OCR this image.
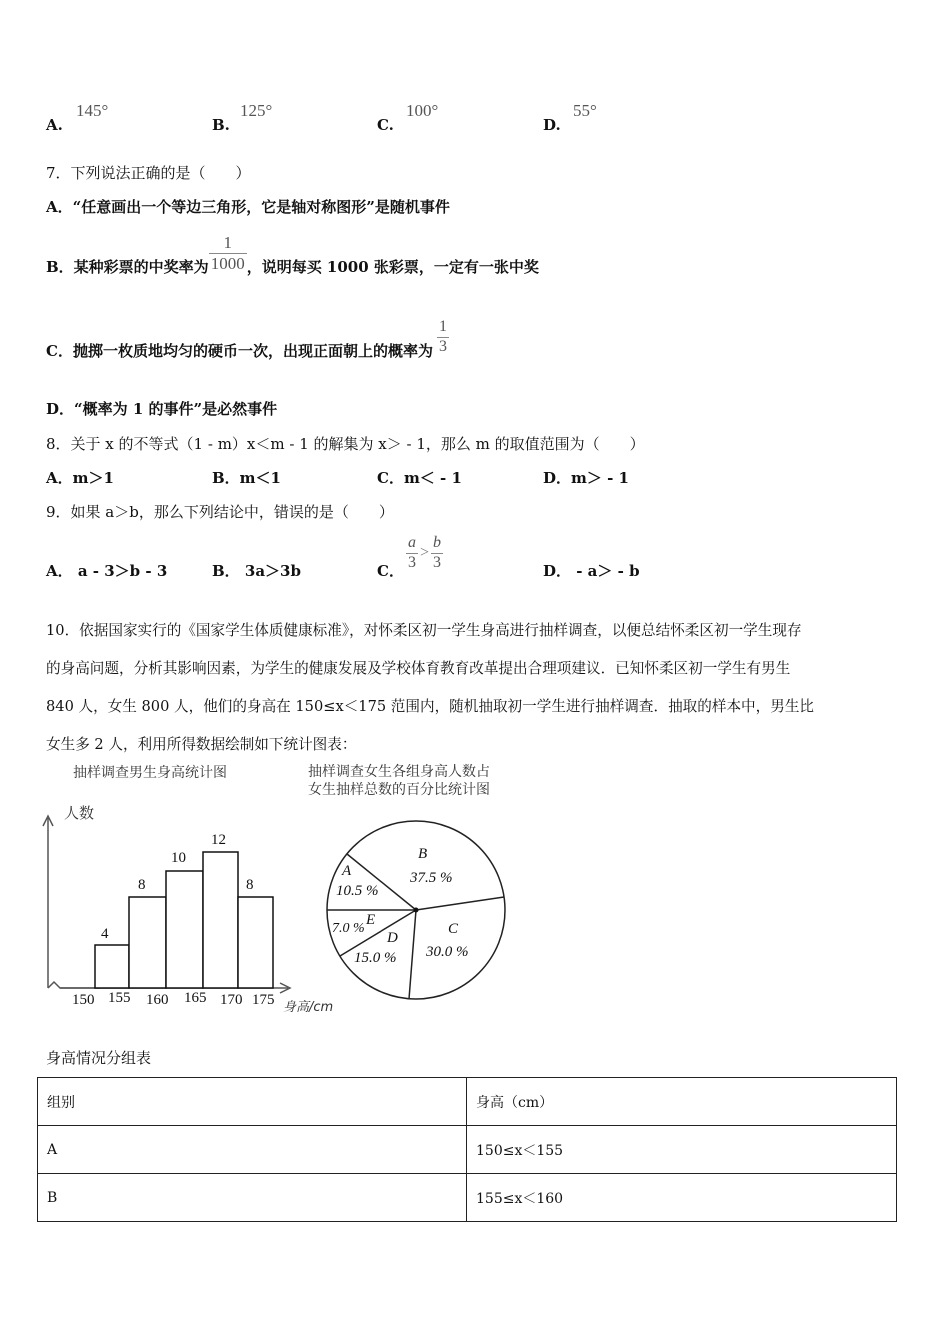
A.
145°
B.
125°
C.
100°
D.
55°
7．下列说法正确的是（　　）
A．“任意画出一个等边三角形，它是轴对称图形”是随机事件
B．某种彩票的中奖率为 $\frac{1}{1000}$ ，说明每买 1000 张彩票，一定有一张中奖
C．抛掷一枚质地均匀的硬币一次，出现正面朝上的概率为 $\frac{1}{3}$
D．“概率为 1 的事件”是必然事件
8．关于 x 的不等式（1 - m）x＜m - 1 的解集为 x＞ - 1，那么 m 的取值范围为（　　）
A．m＞1	B．m＜1	C．m＜ - 1	D．m＞ - 1
9．如果 a＞b，那么下列结论中，错误的是（　　）
A． a - 3＞b - 3	B． 3a＞3b	C． $\frac{a}{3} > \frac{b}{3}$	D． - a＞ - b
10．依据国家实行的《国家学生体质健康标准》，对怀柔区初一学生身高进行抽样调查，以便总结怀柔区初一学生现存
的身高问题，分析其影响因素，为学生的健康发展及学校体育教育改革提出合理项建议．已知怀柔区初一学生有男生
840 人，女生 800 人，他们的身高在 150≤x＜175 范围内，随机抽取初一学生进行抽样调查．抽取的样本中，男生比
女生多 2 人，利用所得数据绘制如下统计图表：
抽样调查男生身高统计图
人数
4
8
10
12
8
150 155 160 165 170 175 身高/cm
抽样调查女生各组身高人数占
女生抽样总数的百分比统计图
B
37.5 %
A
10.5 %
C
30.0 %
E
7.0 %
D
15.0 %
身高情况分组表
组别	身高（cm）
A	150≤x＜155
B	155≤x＜160
